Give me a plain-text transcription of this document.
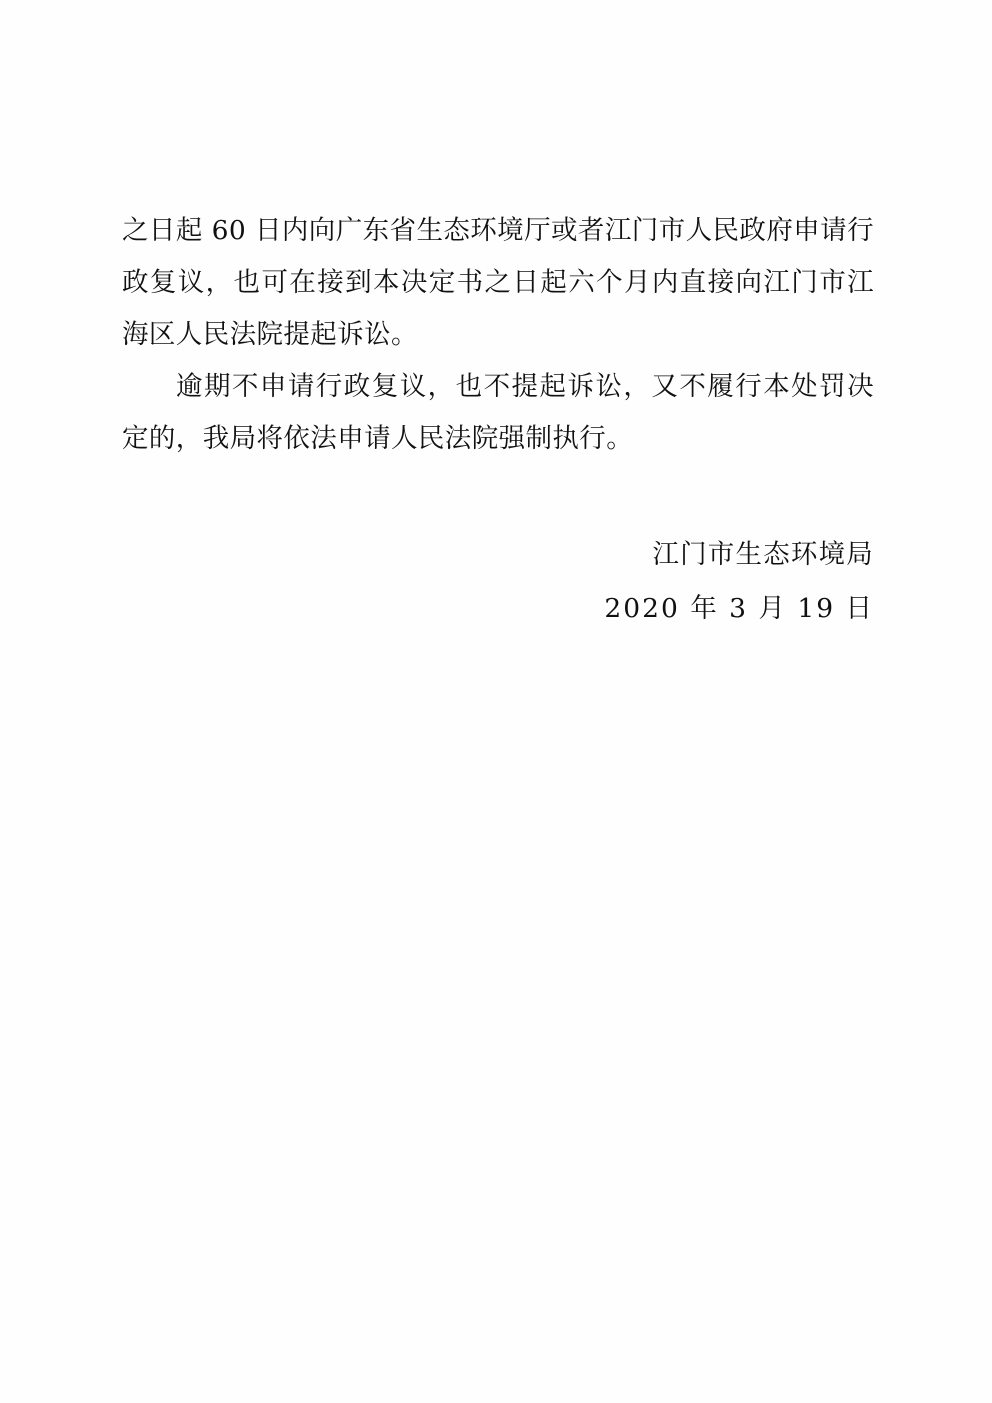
之日起 60 日内向广东省生态环境厅或者江门市人民政府申请行政复议，也可在接到本决定书之日起六个月内直接向江门市江海区人民法院提起诉讼。

逾期不申请行政复议，也不提起诉讼，又不履行本处罚决定的，我局将依法申请人民法院强制执行。

江门市生态环境局
2020 年 3 月 19 日
